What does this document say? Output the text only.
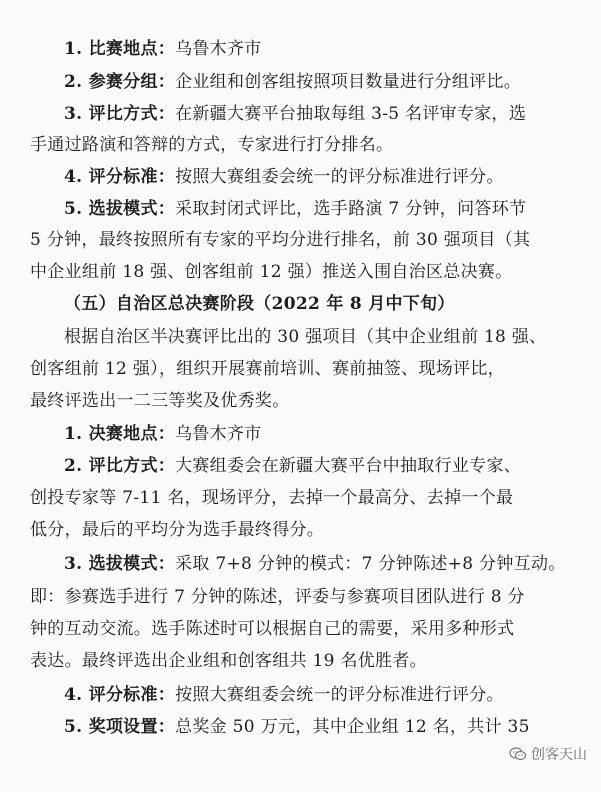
1. 比赛地点：乌鲁木齐市
2. 参赛分组：企业组和创客组按照项目数量进行分组评比。
3. 评比方式：在新疆大赛平台抽取每组 3-5 名评审专家，选
手通过路演和答辩的方式，专家进行打分排名。
4. 评分标准：按照大赛组委会统一的评分标准进行评分。
5. 选拔模式：采取封闭式评比，选手路演 7 分钟，问答环节
5 分钟，最终按照所有专家的平均分进行排名，前 30 强项目（其
中企业组前 18 强、创客组前 12 强）推送入围自治区总决赛。
（五）自治区总决赛阶段（2022 年 8 月中下旬）
根据自治区半决赛评比出的 30 强项目（其中企业组前 18 强、
创客组前 12 强），组织开展赛前培训、赛前抽签、现场评比，
最终评选出一二三等奖及优秀奖。
1. 决赛地点：乌鲁木齐市
2. 评比方式：大赛组委会在新疆大赛平台中抽取行业专家、
创投专家等 7-11 名，现场评分，去掉一个最高分、去掉一个最
低分，最后的平均分为选手最终得分。
3. 选拔模式：采取 7+8 分钟的模式：7 分钟陈述+8 分钟互动。
即：参赛选手进行 7 分钟的陈述，评委与参赛项目团队进行 8 分
钟的互动交流。选手陈述时可以根据自己的需要，采用多种形式
表达。最终评选出企业组和创客组共 19 名优胜者。
4. 评分标准：按照大赛组委会统一的评分标准进行评分。
5. 奖项设置：总奖金 50 万元，其中企业组 12 名，共计 35
创客天山
